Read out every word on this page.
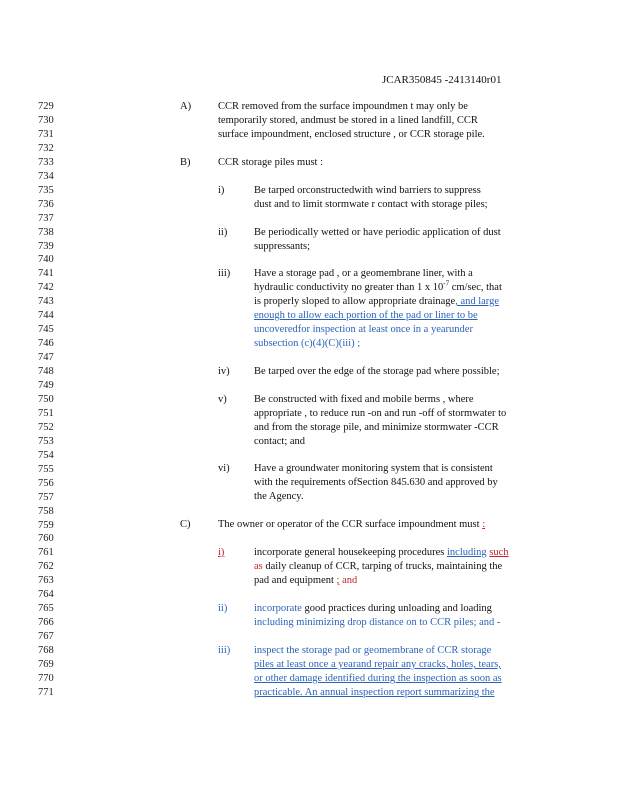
JCAR350845 -2413140r01
729
730
731
732
733
734
735
736
737
738
739
740
741
742
743
744
745
746
747
748
749
750
751
752
753
754
755
756
757
758
759
760
761
762
763
764
765
766
767
768
769
770
771
A)	CCR removed from the surface impoundmen t may only be
temporarily stored, andmust be stored in a lined landfill, CCR
surface impoundment, enclosed structure , or CCR storage pile.
B)	CCR storage piles must :
i)	Be tarped orconstructedwith wind barriers to suppress
dust and to limit stormwate r contact with storage piles;
ii)	Be periodically wetted or have periodic application of dust
suppressants;
iii) Have a storage pad , or a geomembrane liner, with a
hydraulic conductivity no greater than 1 x $10^{-7}$ cm/sec, that
is properly sloped to allow appropriate drainage, and large
enough to allow each portion of the pad or liner to be
uncoveredfor inspection at least once in a yearunder
subsection (c)(4)(C)(iii) ;
iv) Be tarped over the edge of the storage pad where possible;
v)	Be constructed with fixed and mobile berms , where
appropriate , to reduce run -on and run -off of stormwater to
and from the storage pile, and minimize stormwater -CCR
contact; and
vi) Have a groundwater monitoring system that is consistent
with the requirements ofSection 845.630 and approved by
the Agency.
C)	The owner or operator of the CCR surface impoundment must :
i)	incorporate general housekeeping procedures including such
as daily cleanup of CCR, tarping of trucks, maintaining the
pad and equipment ; and
ii)	incorporate good practices during unloading and loading
including minimizing drop distance on to CCR piles; and -
iii) inspect the storage pad or geomembrane of CCR storage
piles at least once a yearand repair any cracks, holes, tears,
or other damage identified during the inspection as soon as
practicable. An annual inspection report summarizing the
